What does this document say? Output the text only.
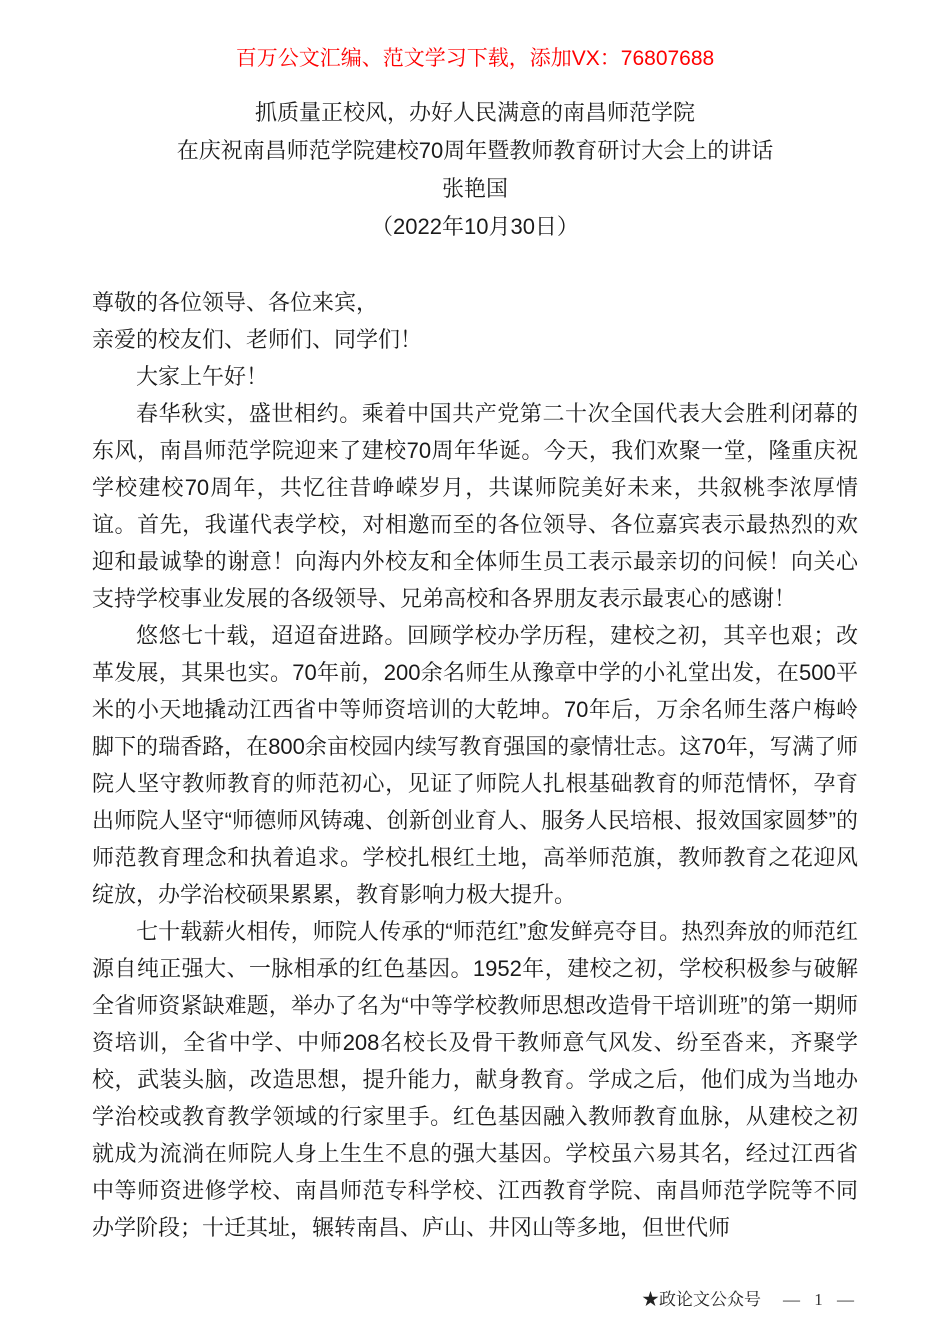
百万公文汇编、范文学习下载，添加VX：76807688

抓质量正校风，办好人民满意的南昌师范学院
在庆祝南昌师范学院建校70周年暨教师教育研讨大会上的讲话

张艳国

（2022年10月30日）

尊敬的各位领导、各位来宾，

亲爱的校友们、老师们、同学们！

大家上午好！

春华秋实，盛世相约。乘着中国共产党第二十次全国代表大会胜利闭幕的东风，南昌师范学院迎来了建校70周年华诞。今天，我们欢聚一堂，隆重庆祝学校建校70周年，共忆往昔峥嵘岁月，共谋师院美好未来，共叙桃李浓厚情谊。首先，我谨代表学校，对相邀而至的各位领导、各位嘉宾表示最热烈的欢迎和最诚挚的谢意！向海内外校友和全体师生员工表示最亲切的问候！向关心支持学校事业发展的各级领导、兄弟高校和各界朋友表示最衷心的感谢！

悠悠七十载，迢迢奋进路。回顾学校办学历程，建校之初，其辛也艰；改革发展，其果也实。70年前，200余名师生从豫章中学的小礼堂出发，在500平米的小天地撬动江西省中等师资培训的大乾坤。70年后，万余名师生落户梅岭脚下的瑞香路，在800余亩校园内续写教育强国的豪情壮志。这70年，写满了师院人坚守教师教育的师范初心，见证了师院人扎根基础教育的师范情怀，孕育出师院人坚守“师德师风铸魂、创新创业育人、服务人民培根、报效国家圆梦”的师范教育理念和执着追求。学校扎根红土地，高举师范旗，教师教育之花迎风绽放，办学治校硕果累累，教育影响力极大提升。

七十载薪火相传，师院人传承的“师范红”愈发鲜亮夺目。热烈奔放的师范红源自纯正强大、一脉相承的红色基因。1952年，建校之初，学校积极参与破解全省师资紧缺难题，举办了名为“中等学校教师思想改造骨干培训班”的第一期师资培训，全省中学、中师208名校长及骨干教师意气风发、纷至沓来，齐聚学校，武装头脑，改造思想，提升能力，献身教育。学成之后，他们成为当地办学治校或教育教学领域的行家里手。红色基因融入教师教育血脉，从建校之初就成为流淌在师院人身上生生不息的强大基因。学校虽六易其名，经过江西省中等师资进修学校、南昌师范专科学校、江西教育学院、南昌师范学院等不同办学阶段；十迁其址，辗转南昌、庐山、井冈山等多地，但世代师

★政论文公众号 — 1 —
